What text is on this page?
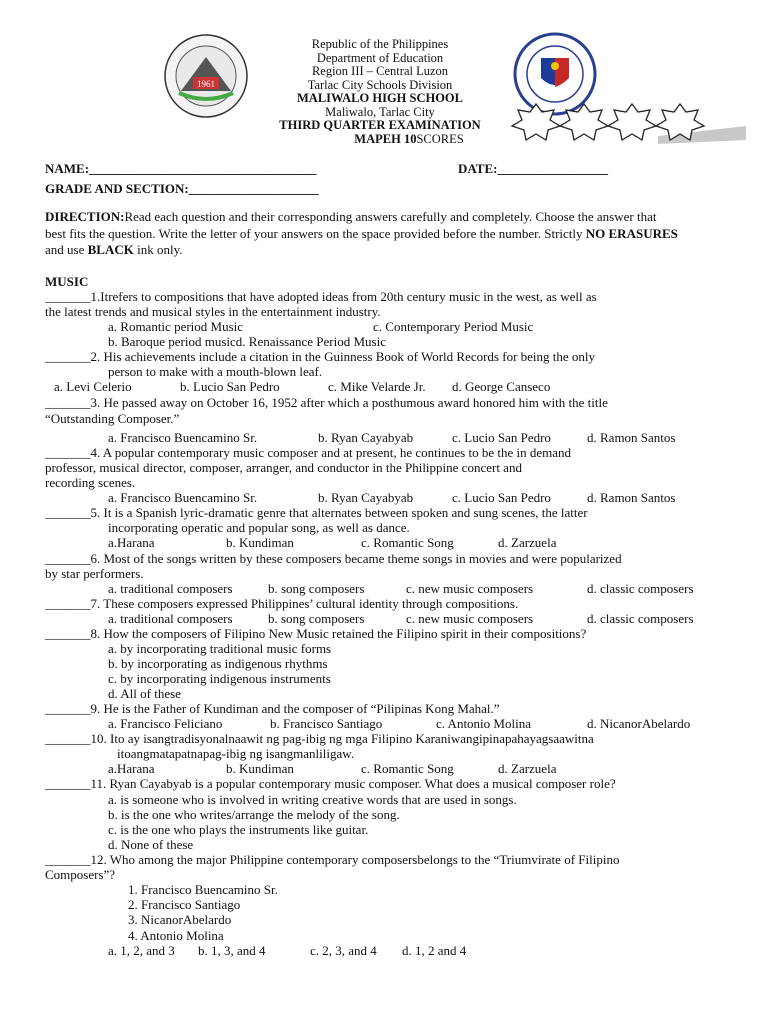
1961
Republic of the Philippines
Department of Education
Region III – Central Luzon
Tarlac City Schools Division
MALIWALO HIGH SCHOOL
Maliwalo, Tarlac City
THIRD QUARTER EXAMINATION
MAPEH 10SCORES
NAME:___________________________________	DATE:_________________
GRADE AND SECTION:____________________
DIRECTION:Read each question and their corresponding answers carefully and completely. Choose the answer that
best fits the question. Write the letter of your answers on the space provided before the number. Strictly NO ERASURES
and use BLACK ink only.
MUSIC
_______1.Itrefers to compositions that have adopted ideas from 20th century music in the west, as well as
the latest trends and musical styles in the entertainment industry.
a. Romantic period Music	c. Contemporary Period Music
b. Baroque period musicd. Renaissance Period Music
_______2. His achievements include a citation in the Guinness Book of World Records for being the only
person to make with a mouth-blown leaf.
a. Levi Celerio	b. Lucio San Pedro	c. Mike Velarde Jr. d. George Canseco
_______3. He passed away on October 16, 1952 after which a posthumous award honored him with the title
“Outstanding Composer.”
a. Francisco Buencamino Sr.	b. Ryan Cayabyab	c. Lucio San Pedro	d. Ramon Santos
_______4. A popular contemporary music composer and at present, he continues to be the in demand
professor, musical director, composer, arranger, and conductor in the Philippine concert and
recording scenes.
a. Francisco Buencamino Sr.	b. Ryan Cayabyab	c. Lucio San Pedro	d. Ramon Santos
_______5. It is a Spanish lyric-dramatic genre that alternates between spoken and sung scenes, the latter
incorporating operatic and popular song, as well as dance.
a.Harana	b. Kundiman	c. Romantic Song	d. Zarzuela
_______6. Most of the songs written by these composers became theme songs in movies and were popularized
by star performers.
a. traditional composers	b. song composers	c. new music composers	d. classic composers
_______7. These composers expressed Philippines’ cultural identity through compositions.
a. traditional composers	b. song composers	c. new music composers	d. classic composers
_______8. How the composers of Filipino New Music retained the Filipino spirit in their compositions?
a. by incorporating traditional music forms
b. by incorporating as indigenous rhythms
c. by incorporating indigenous instruments
d. All of these
_______9. He is the Father of Kundiman and the composer of “Pilipinas Kong Mahal.”
a. Francisco Feliciano	b. Francisco Santiago	c. Antonio Molina	d. NicanorAbelardo
_______10. Ito ay isangtradisyonalnaawit ng pag-ibig ng mga Filipino Karaniwangipinapahayagsaawitna
itoangmatapatnapag-ibig ng isangmanliligaw.
a.Harana	b. Kundiman	c. Romantic Song	d. Zarzuela
_______11. Ryan Cayabyab is a popular contemporary music composer. What does a musical composer role?
a. is someone who is involved in writing creative words that are used in songs.
b. is the one who writes/arrange the melody of the song.
c. is the one who plays the instruments like guitar.
d. None of these
_______12. Who among the major Philippine contemporary composersbelongs to the “Triumvirate of Filipino
Composers”?
1. Francisco Buencamino Sr.
2. Francisco Santiago
3. NicanorAbelardo
4. Antonio Molina
a. 1, 2, and 3 b. 1, 3, and 4	c. 2, 3, and 4 d. 1, 2 and 4
